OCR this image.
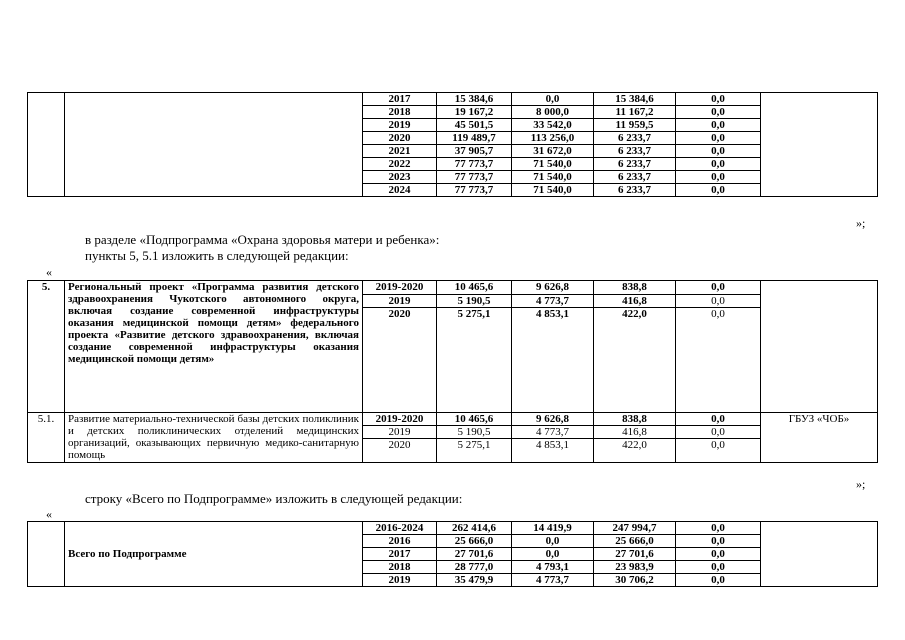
		2017	15 384,6	0,0	15 384,6	0,0	
		2018	19 167,2	8 000,0	11 167,2	0,0	
		2019	45 501,5	33 542,0	11 959,5	0,0	
		2020	119 489,7	113 256,0	6 233,7	0,0	
		2021	37 905,7	31 672,0	6 233,7	0,0	
		2022	77 773,7	71 540,0	6 233,7	0,0	
		2023	77 773,7	71 540,0	6 233,7	0,0	
		2024	77 773,7	71 540,0	6 233,7	0,0	
»;
в разделе «Подпрограмма «Охрана здоровья матери и ребенка»:
пункты 5, 5.1 изложить в следующей редакции:
«
5.	Региональный проект «Программа развития детского здравоохранения Чукотского автономного округа, включая создание современной инфраструктуры оказания медицинской помощи детям» федерального проекта «Развитие детского здравоохранения, включая создание современной инфраструктуры оказания медицинской помощи детям»	2019-2020	10 465,6	9 626,8	838,8	0,0	
		2019	5 190,5	4 773,7	416,8	0,0	
		2020	5 275,1	4 853,1	422,0	0,0	
5.1.	Развитие материально-технической базы детских поликлиник и детских поликлинических отделений медицинских организаций, оказывающих первичную медико-санитарную помощь	2019-2020	10 465,6	9 626,8	838,8	0,0	ГБУЗ «ЧОБ»
		2019	5 190,5	4 773,7	416,8	0,0	
		2020	5 275,1	4 853,1	422,0	0,0	
»;
строку «Всего по Подпрограмме» изложить в следующей редакции:
«
	Всего по Подпрограмме	2016-2024	262 414,6	14 419,9	247 994,7	0,0	
		2016	25 666,0	0,0	25 666,0	0,0	
		2017	27 701,6	0,0	27 701,6	0,0	
		2018	28 777,0	4 793,1	23 983,9	0,0	
		2019	35 479,9	4 773,7	30 706,2	0,0	
